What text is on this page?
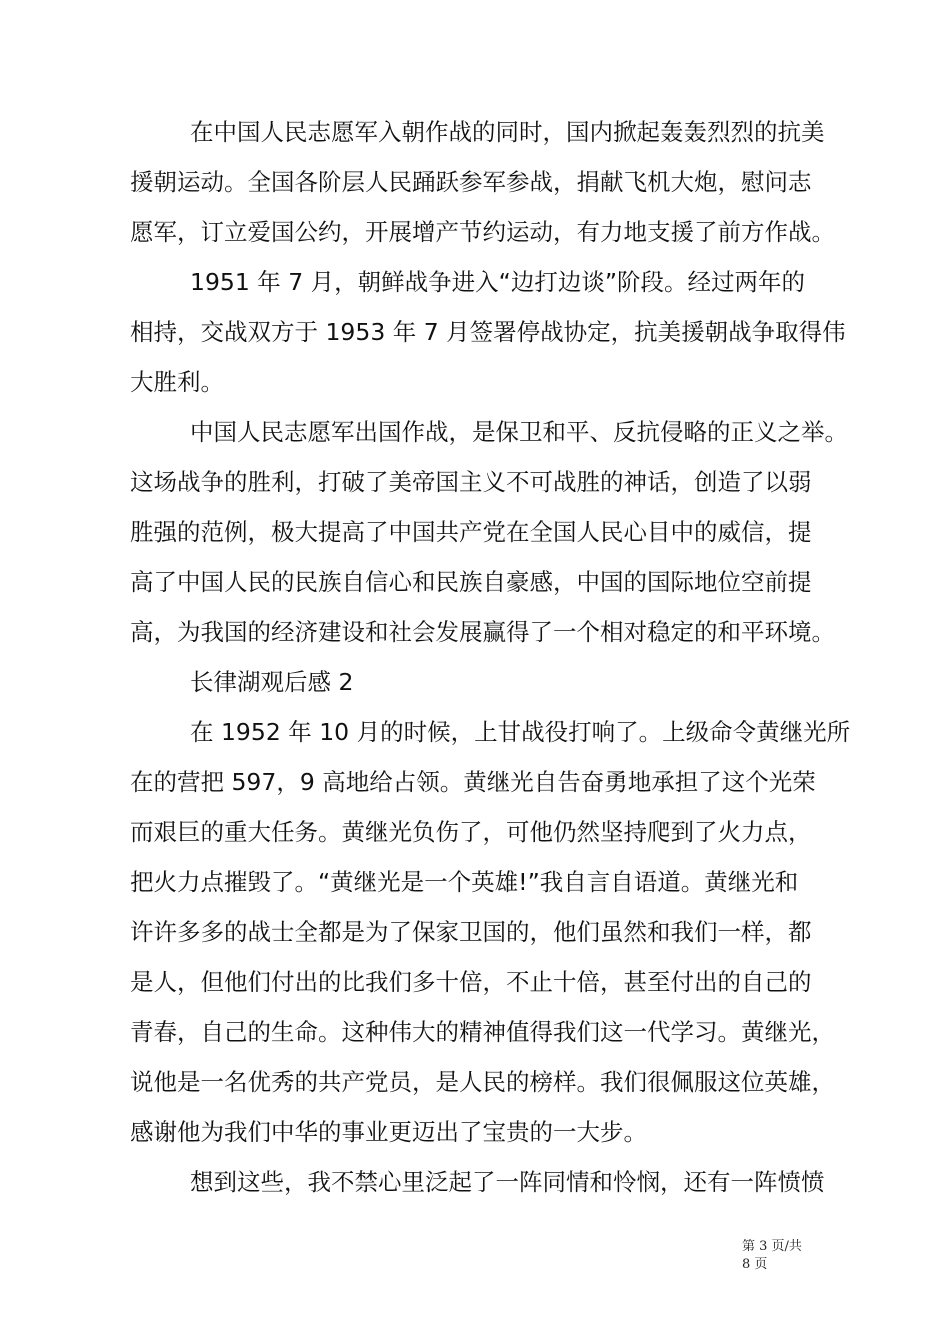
在中国人民志愿军入朝作战的同时，国内掀起轰轰烈烈的抗美
援朝运动。全国各阶层人民踊跃参军参战，捐献飞机大炮，慰问志
愿军，订立爱国公约，开展增产节约运动，有力地支援了前方作战。
1951 年 7 月，朝鲜战争进入“边打边谈”阶段。经过两年的
相持，交战双方于 1953 年 7 月签署停战协定，抗美援朝战争取得伟
大胜利。
中国人民志愿军出国作战，是保卫和平、反抗侵略的正义之举。
这场战争的胜利，打破了美帝国主义不可战胜的神话，创造了以弱
胜强的范例，极大提高了中国共产党在全国人民心目中的威信，提
高了中国人民的民族自信心和民族自豪感，中国的国际地位空前提
高，为我国的经济建设和社会发展赢得了一个相对稳定的和平环境。
长律湖观后感 2
在 1952 年 10 月的时候，上甘战役打响了。上级命令黄继光所
在的营把 597，9 高地给占领。黄继光自告奋勇地承担了这个光荣
而艰巨的重大任务。黄继光负伤了，可他仍然坚持爬到了火力点，
把火力点摧毁了。“黄继光是一个英雄!”我自言自语道。黄继光和
许许多多的战士全都是为了保家卫国的，他们虽然和我们一样，都
是人，但他们付出的比我们多十倍，不止十倍，甚至付出的自己的
青春，自己的生命。这种伟大的精神值得我们这一代学习。黄继光，
说他是一名优秀的共产党员，是人民的榜样。我们很佩服这位英雄，
感谢他为我们中华的事业更迈出了宝贵的一大步。
想到这些，我不禁心里泛起了一阵同情和怜悯，还有一阵愤愤
第 3 页/共
8 页
